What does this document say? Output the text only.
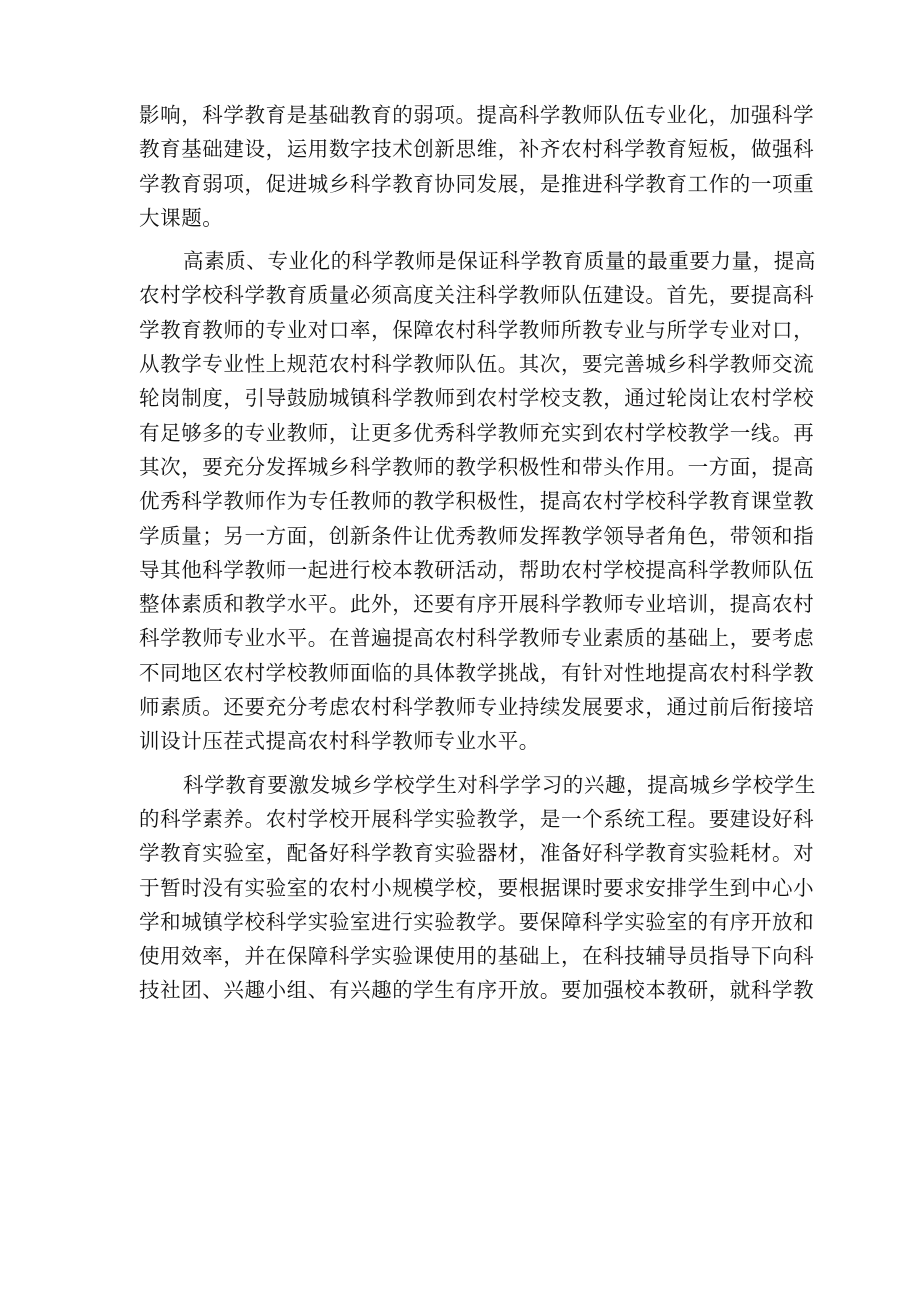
影响，科学教育是基础教育的弱项。提高科学教师队伍专业化，加强科学
教育基础建设，运用数字技术创新思维，补齐农村科学教育短板，做强科
学教育弱项，促进城乡科学教育协同发展，是推进科学教育工作的一项重
大课题。

高素质、专业化的科学教师是保证科学教育质量的最重要力量，提高
农村学校科学教育质量必须高度关注科学教师队伍建设。首先，要提高科
学教育教师的专业对口率，保障农村科学教师所教专业与所学专业对口，
从教学专业性上规范农村科学教师队伍。其次，要完善城乡科学教师交流
轮岗制度，引导鼓励城镇科学教师到农村学校支教，通过轮岗让农村学校
有足够多的专业教师，让更多优秀科学教师充实到农村学校教学一线。再
其次，要充分发挥城乡科学教师的教学积极性和带头作用。一方面，提高
优秀科学教师作为专任教师的教学积极性，提高农村学校科学教育课堂教
学质量；另一方面，创新条件让优秀教师发挥教学领导者角色，带领和指
导其他科学教师一起进行校本教研活动，帮助农村学校提高科学教师队伍
整体素质和教学水平。此外，还要有序开展科学教师专业培训，提高农村
科学教师专业水平。在普遍提高农村科学教师专业素质的基础上，要考虑
不同地区农村学校教师面临的具体教学挑战，有针对性地提高农村科学教
师素质。还要充分考虑农村科学教师专业持续发展要求，通过前后衔接培
训设计压茬式提高农村科学教师专业水平。

科学教育要激发城乡学校学生对科学学习的兴趣，提高城乡学校学生
的科学素养。农村学校开展科学实验教学，是一个系统工程。要建设好科
学教育实验室，配备好科学教育实验器材，准备好科学教育实验耗材。对
于暂时没有实验室的农村小规模学校，要根据课时要求安排学生到中心小
学和城镇学校科学实验室进行实验教学。要保障科学实验室的有序开放和
使用效率，并在保障科学实验课使用的基础上，在科技辅导员指导下向科
技社团、兴趣小组、有兴趣的学生有序开放。要加强校本教研，就科学教
